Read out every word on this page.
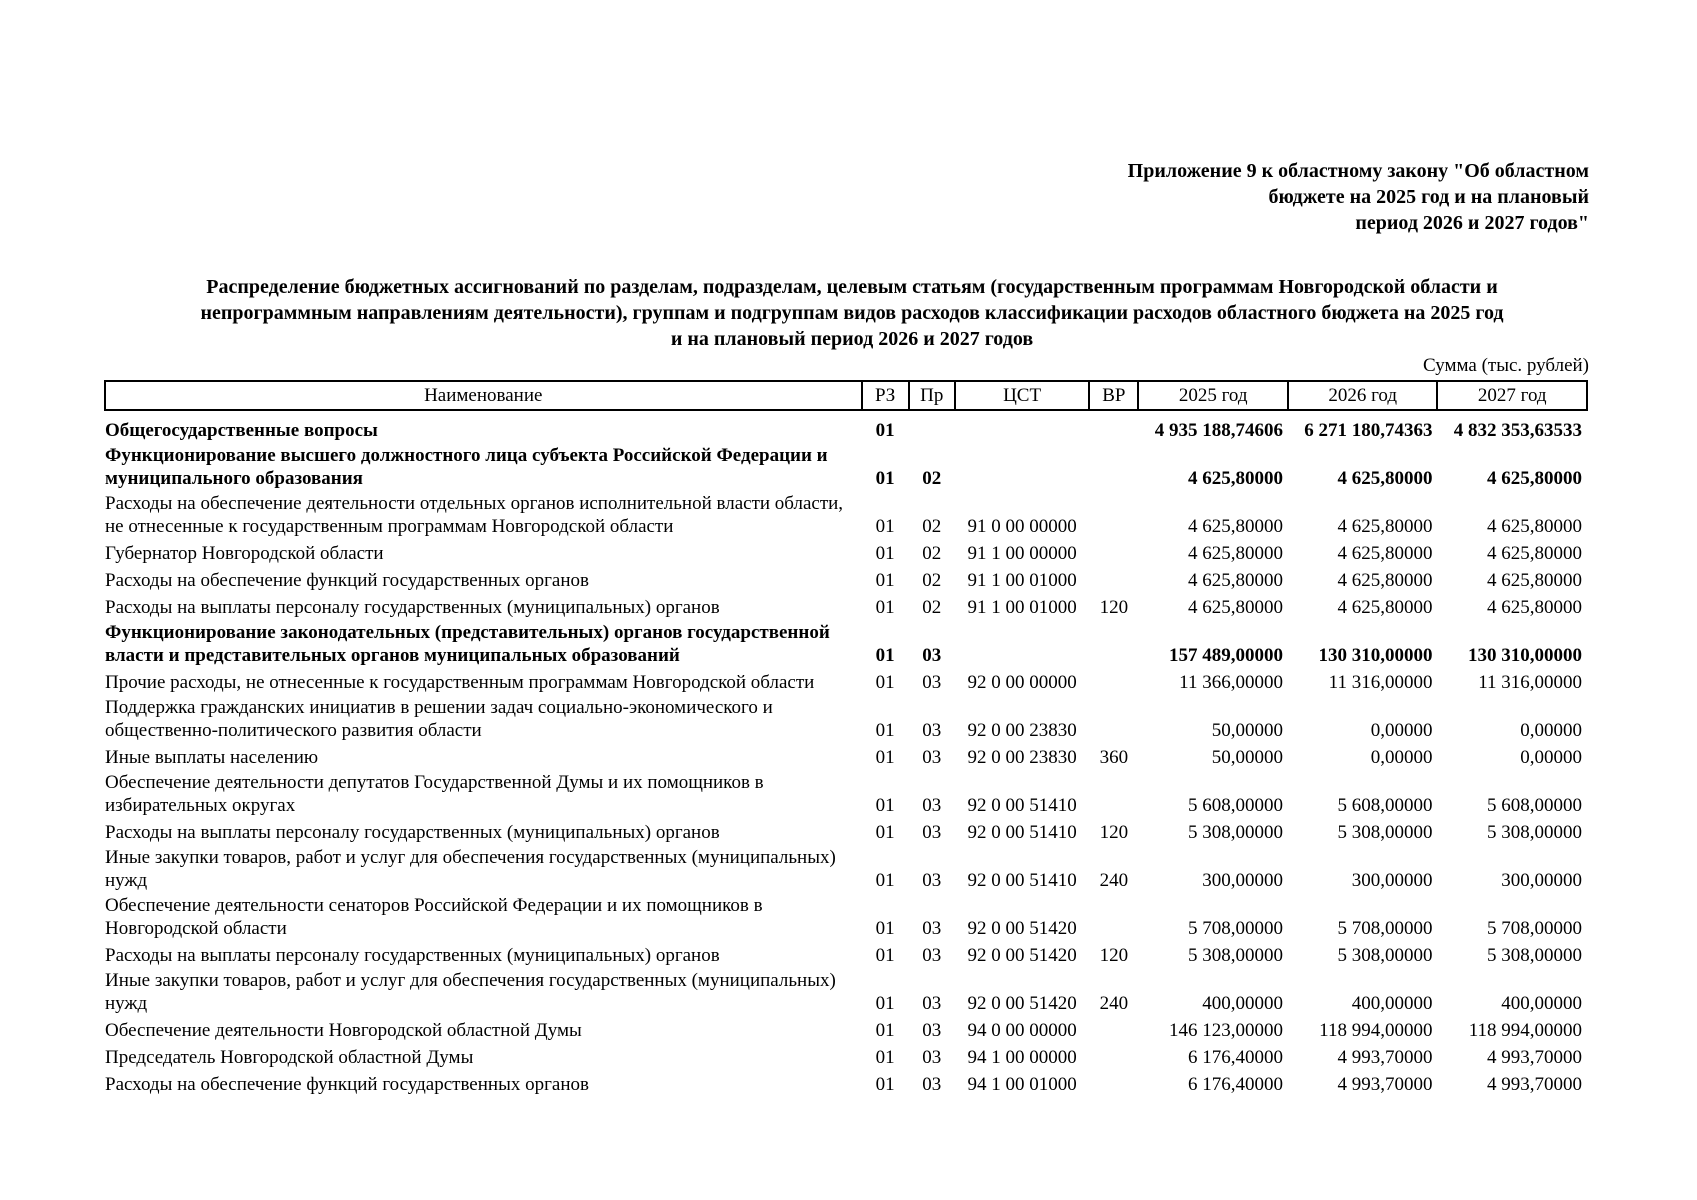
Приложение 9 к областному закону "Об областном
бюджете на 2025 год и на плановый
период 2026 и 2027 годов"
Распределение бюджетных ассигнований по разделам, подразделам, целевым статьям (государственным программам Новгородской области и
непрограммным направлениям деятельности), группам и подгруппам видов расходов классификации расходов областного бюджета на 2025 год
и на плановый период 2026 и 2027 годов
Сумма (тыс. рублей)
Наименование	РЗ	Пр	ЦСТ	ВР	2025 год	2026 год	2027 год
Общегосударственные вопросы	01				4 935 188,74606	6 271 180,74363	4 832 353,63533
Функционирование высшего должностного лица субъекта Российской Федерации и муниципального образования	01	02			4 625,80000	4 625,80000	4 625,80000
Расходы на обеспечение деятельности отдельных органов исполнительной власти области, не отнесенные к государственным программам Новгородской области	01	02	91 0 00 00000		4 625,80000	4 625,80000	4 625,80000
Губернатор Новгородской области	01	02	91 1 00 00000		4 625,80000	4 625,80000	4 625,80000
Расходы на обеспечение функций государственных органов	01	02	91 1 00 01000		4 625,80000	4 625,80000	4 625,80000
Расходы на выплаты персоналу государственных (муниципальных) органов	01	02	91 1 00 01000	120	4 625,80000	4 625,80000	4 625,80000
Функционирование законодательных (представительных) органов государственной власти и представительных органов муниципальных образований	01	03			157 489,00000	130 310,00000	130 310,00000
Прочие расходы, не отнесенные к государственным программам Новгородской области	01	03	92 0 00 00000		11 366,00000	11 316,00000	11 316,00000
Поддержка гражданских инициатив в решении задач социально-экономического и общественно-политического развития области	01	03	92 0 00 23830		50,00000	0,00000	0,00000
Иные выплаты населению	01	03	92 0 00 23830	360	50,00000	0,00000	0,00000
Обеспечение деятельности депутатов Государственной Думы и их помощников в избирательных округах	01	03	92 0 00 51410		5 608,00000	5 608,00000	5 608,00000
Расходы на выплаты персоналу государственных (муниципальных) органов	01	03	92 0 00 51410	120	5 308,00000	5 308,00000	5 308,00000
Иные закупки товаров, работ и услуг для обеспечения государственных (муниципальных) нужд	01	03	92 0 00 51410	240	300,00000	300,00000	300,00000
Обеспечение деятельности сенаторов Российской Федерации и их помощников в Новгородской области	01	03	92 0 00 51420		5 708,00000	5 708,00000	5 708,00000
Расходы на выплаты персоналу государственных (муниципальных) органов	01	03	92 0 00 51420	120	5 308,00000	5 308,00000	5 308,00000
Иные закупки товаров, работ и услуг для обеспечения государственных (муниципальных) нужд	01	03	92 0 00 51420	240	400,00000	400,00000	400,00000
Обеспечение деятельности Новгородской областной Думы	01	03	94 0 00 00000		146 123,00000	118 994,00000	118 994,00000
Председатель Новгородской областной Думы	01	03	94 1 00 00000		6 176,40000	4 993,70000	4 993,70000
Расходы на обеспечение функций государственных органов	01	03	94 1 00 01000		6 176,40000	4 993,70000	4 993,70000
